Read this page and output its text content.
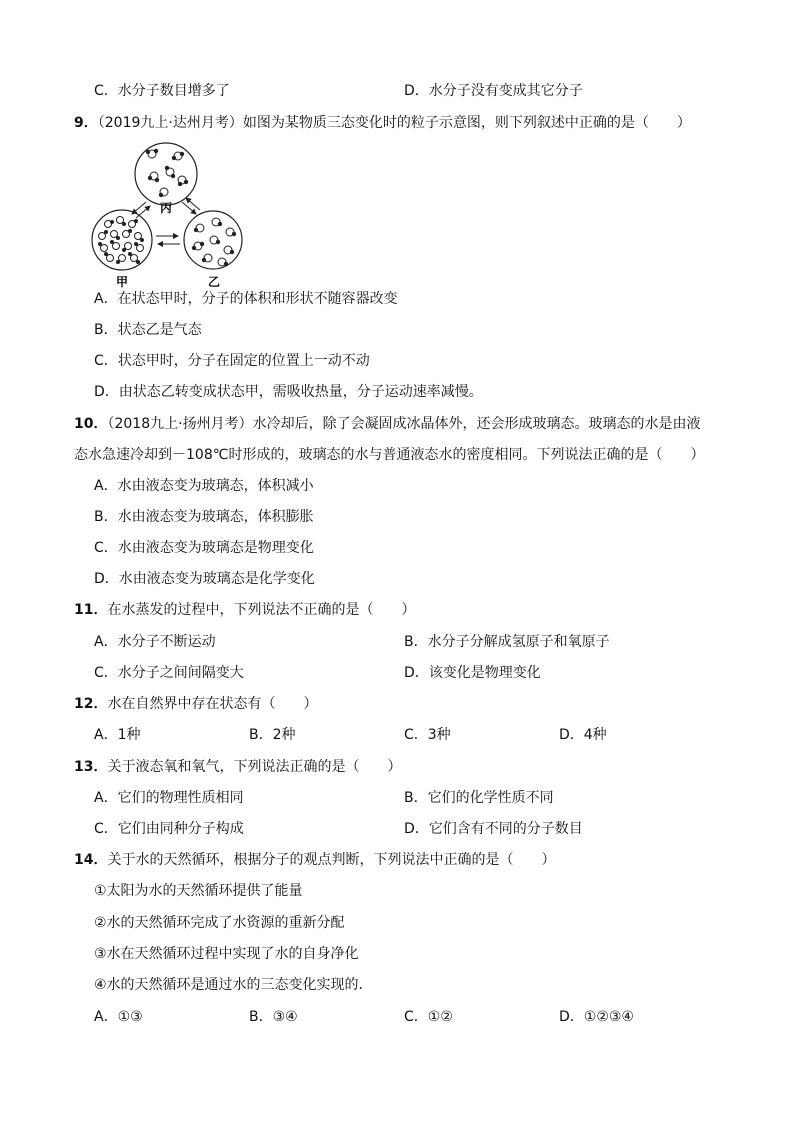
C．水分子数目增多了	D．水分子没有变成其它分子
9．（2019九上·达州月考）如图为某物质三态变化时的粒子示意图，则下列叙述中正确的是（　　）
丙
甲	乙
A．在状态甲时，分子的体积和形状不随容器改变
B．状态乙是气态
C．状态甲时，分子在固定的位置上一动不动
D．由状态乙转变成状态甲，需吸收热量，分子运动速率减慢。
10．（2018九上·扬州月考）水冷却后，除了会凝固成冰晶体外，还会形成玻璃态。玻璃态的水是由液
态水急速冷却到－108℃时形成的，玻璃态的水与普通液态水的密度相同。下列说法正确的是（　　）
A．水由液态变为玻璃态，体积减小
B．水由液态变为玻璃态，体积膨胀
C．水由液态变为玻璃态是物理变化
D．水由液态变为玻璃态是化学变化
11．在水蒸发的过程中，下列说法不正确的是（　　）
A．水分子不断运动	B．水分子分解成氢原子和氧原子
C．水分子之间间隔变大	D．该变化是物理变化
12．水在自然界中存在状态有（　　）
A．1种	B．2种	C．3种	D．4种
13．关于液态氧和氧气，下列说法正确的是（　　）
A．它们的物理性质相同	B．它们的化学性质不同
C．它们由同种分子构成	D．它们含有不同的分子数目
14．关于水的天然循环，根据分子的观点判断，下列说法中正确的是（　　）
①太阳为水的天然循环提供了能量
②水的天然循环完成了水资源的重新分配
③水在天然循环过程中实现了水的自身净化
④水的天然循环是通过水的三态变化实现的．
A．①③	B．③④	C．①②	D．①②③④
